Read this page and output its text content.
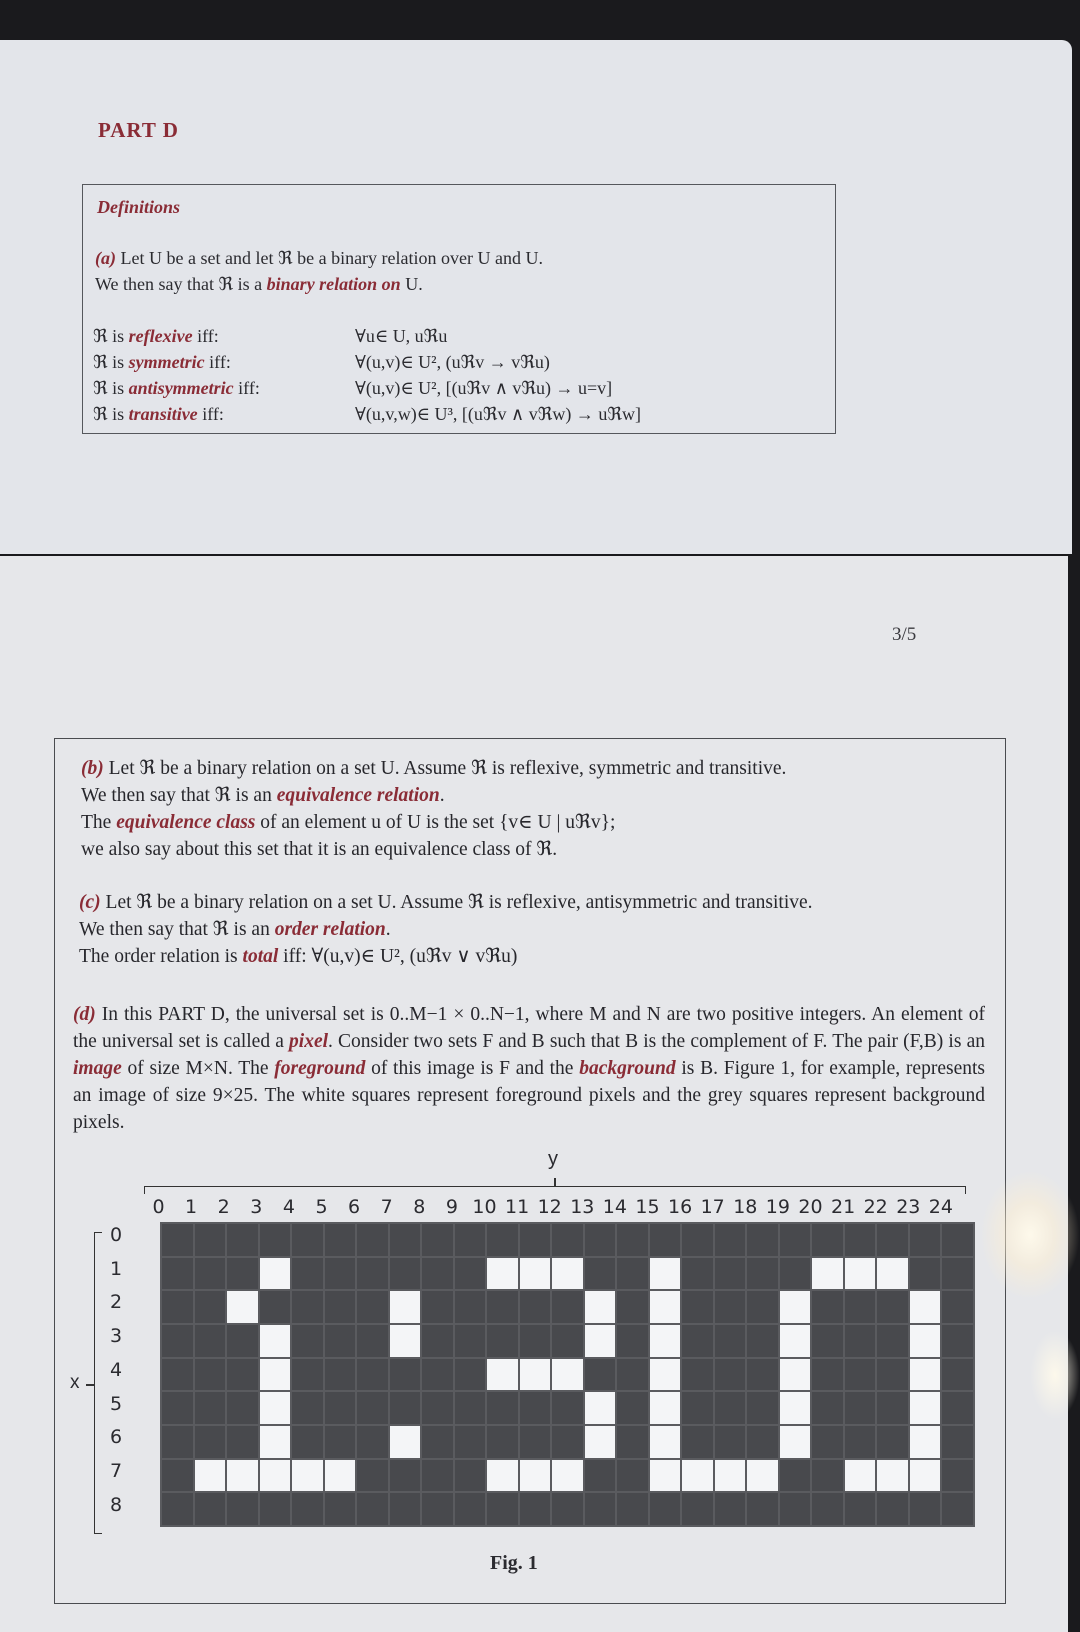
PART D
Definitions
(a) Let U be a set and let ℜ be a binary relation over U and U.
We then say that ℜ is a binary relation on U.
ℜ is reflexive iff:	∀u∈ U, uℜu
ℜ is symmetric iff:	∀(u,v)∈ U², (uℜv → vℜu)
ℜ is antisymmetric iff:	∀(u,v)∈ U², [(uℜv ∧ vℜu) → u=v]
ℜ is transitive iff:	∀(u,v,w)∈ U³, [(uℜv ∧ vℜw) → uℜw]
3/5
(b) Let ℜ be a binary relation on a set U. Assume ℜ is reflexive, symmetric and transitive.
We then say that ℜ is an equivalence relation.
The equivalence class of an element u of U is the set {v∈ U | uℜv};
we also say about this set that it is an equivalence class of ℜ.
(c) Let ℜ be a binary relation on a set U. Assume ℜ is reflexive, antisymmetric and transitive.
We then say that ℜ is an order relation.
The order relation is total iff: ∀(u,v)∈ U², (uℜv ∨ vℜu)
(d) In this PART D, the universal set is 0..M−1 × 0..N−1, where M and N are two positive integers. An element of the universal set is called a pixel. Consider two sets F and B such that B is the complement of F. The pair (F,B) is an image of size M×N. The foreground of this image is F and the background is B. Figure 1, for example, represents an image of size 9×25. The white squares represent foreground pixels and the grey squares represent background pixels.
y
0	1	2	3	4	5	6	7	8	9 10 11 12 13 14 15 16 17 18 19 20 21 22 23 24
x
0
1
2
3
4
5
6
7
8
Fig. 1
